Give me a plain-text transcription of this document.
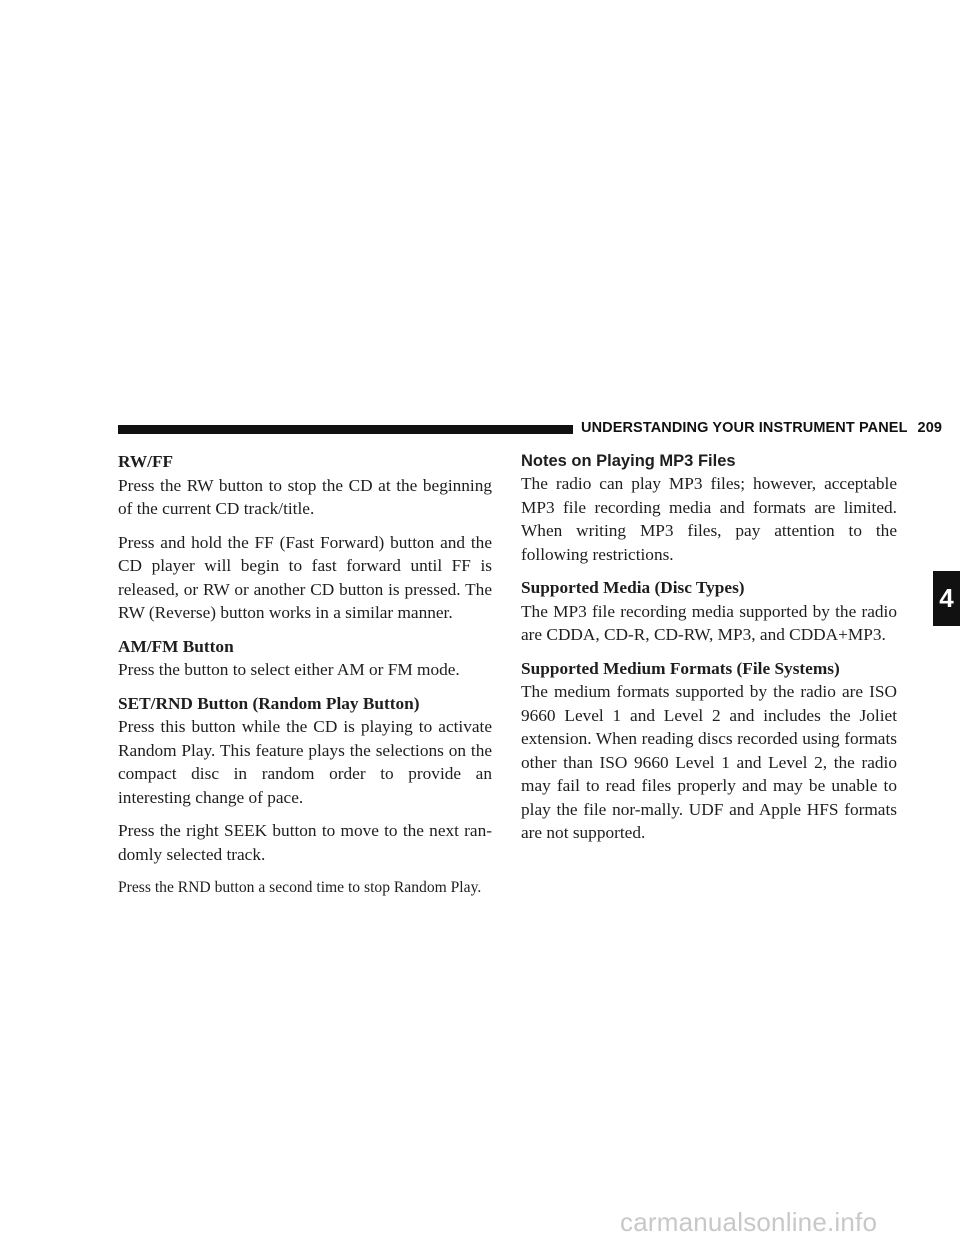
UNDERSTANDING YOUR INSTRUMENT PANEL 209
RW/FF

Press the RW button to stop the CD at the beginning of the current CD track/title.

Press and hold the FF (Fast Forward) button and the CD player will begin to fast forward until FF is released, or RW or another CD button is pressed. The RW (Reverse) button works in a similar manner.

AM/FM Button

Press the button to select either AM or FM mode.

SET/RND Button (Random Play Button)

Press this button while the CD is playing to activate Random Play. This feature plays the selections on the compact disc in random order to provide an interesting change of pace.

Press the right SEEK button to move to the next ran-domly selected track.

Press the RND button a second time to stop Random Play.

Notes on Playing MP3 Files

The radio can play MP3 files; however, acceptable MP3 file recording media and formats are limited. When writing MP3 files, pay attention to the following restrictions.

Supported Media (Disc Types)

The MP3 file recording media supported by the radio are CDDA, CD-R, CD-RW, MP3, and CDDA+MP3.

Supported Medium Formats (File Systems)

The medium formats supported by the radio are ISO 9660 Level 1 and Level 2 and includes the Joliet extension. When reading discs recorded using formats other than ISO 9660 Level 1 and Level 2, the radio may fail to read files properly and may be unable to play the file nor-mally. UDF and Apple HFS formats are not supported.

4
carmanualsonline.info
